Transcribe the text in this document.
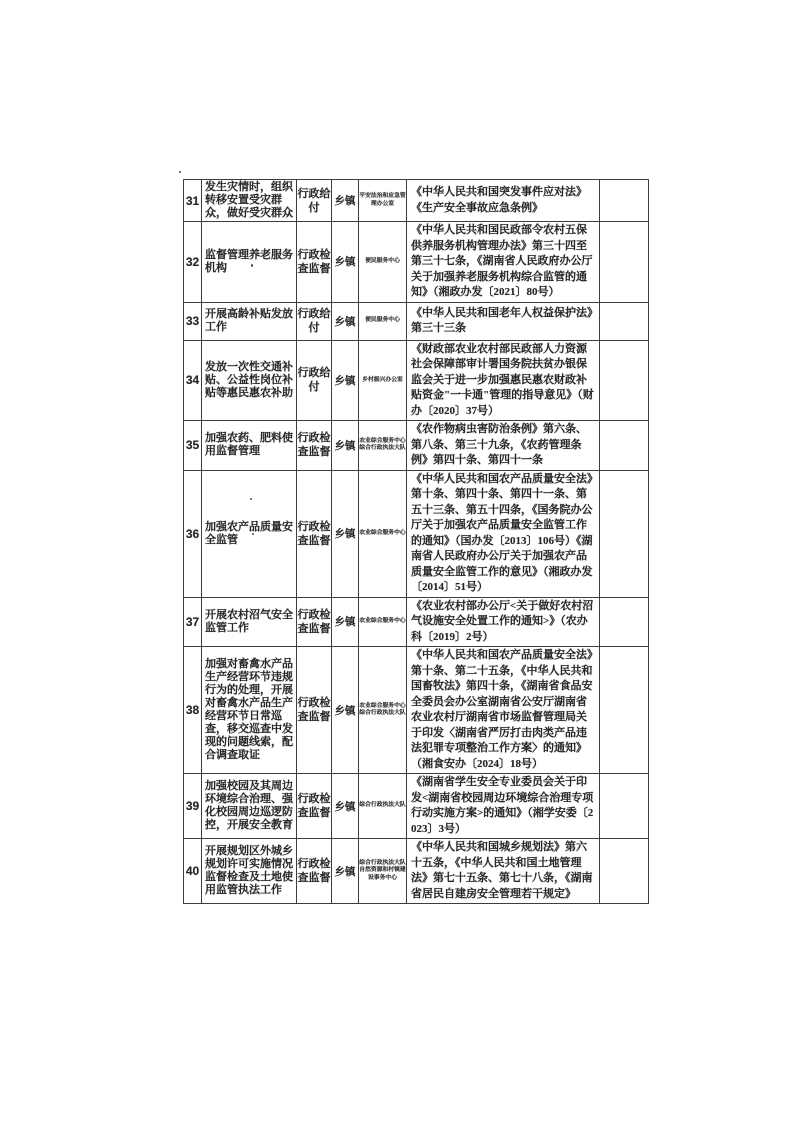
31	发生灾情时，组织转移安置受灾群众，做好受灾群众	行政给付	乡镇	平安法治和应急管理办公室	《中华人民共和国突发事件应对法》《生产安全事故应急条例》	
32	监督管理养老服务机构	行政检查监督	乡镇	便民服务中心	《中华人民共和国民政部令农村五保供养服务机构管理办法》第三十四至第三十七条，《湖南省人民政府办公厅关于加强养老服务机构综合监管的通知》（湘政办发〔2021〕80号）	
33	开展高龄补贴发放工作	行政给付	乡镇	便民服务中心	《中华人民共和国老年人权益保护法》第三十三条	
34	发放一次性交通补贴、公益性岗位补贴等惠民惠农补助	行政给付	乡镇	乡村振兴办公室	《财政部农业农村部民政部人力资源社会保障部审计署国务院扶贫办银保监会关于进一步加强惠民惠农财政补贴资金"一卡通"管理的指导意见》（财办〔2020〕37号）	
35	加强农药、肥料使用监督管理	行政检查监督	乡镇	农业综合服务中心综合行政执法大队	《农作物病虫害防治条例》第六条、第八条、第三十九条，《农药管理条例》第四十条、第四十一条	
36	加强农产品质量安全监管	行政检查监督	乡镇	农业综合服务中心	《中华人民共和国农产品质量安全法》第十条、第四十条、第四十一条、第五十三条、第五十四条，《国务院办公厅关于加强农产品质量安全监管工作的通知》（国办发〔2013〕106号）《湖南省人民政府办公厅关于加强农产品质量安全监管工作的意见》（湘政办发〔2014〕51号）	
37	开展农村沼气安全监管工作	行政检查监督	乡镇	农业综合服务中心	《农业农村部办公厅<关于做好农村沼气设施安全处置工作的通知>》（农办科〔2019〕2号）	
38	加强对畜禽水产品生产经营环节违规行为的处理，开展对畜禽水产品生产经营环节日常巡查，移交巡查中发现的问题线索，配合调查取证	行政检查监督	乡镇	农业综合服务中心综合行政执法大队	《中华人民共和国农产品质量安全法》第十条、第二十五条，《中华人民共和国畜牧法》第四十条，《湖南省食品安全委员会办公室湖南省公安厅湖南省农业农村厅湖南省市场监督管理局关于印发〈湖南省严厉打击肉类产品违法犯罪专项整治工作方案〉的通知》（湘食安办〔2024〕18号）	
39	加强校园及其周边环境综合治理、强化校园周边巡逻防控，开展安全教育	行政检查监督	乡镇	综合行政执法大队	《湖南省学生安全专业委员会关于印发<湖南省校园周边环境综合治理专项行动实施方案>的通知》（湘学安委〔2023〕3号）	
40	开展规划区外城乡规划许可实施情况监督检查及土地使用监管执法工作	行政检查监督	乡镇	综合行政执法大队自然资源和村镇建设事务中心	《中华人民共和国城乡规划法》第六十五条，《中华人民共和国土地管理法》第七十五条、第七十八条，《湖南省居民自建房安全管理若干规定》	
